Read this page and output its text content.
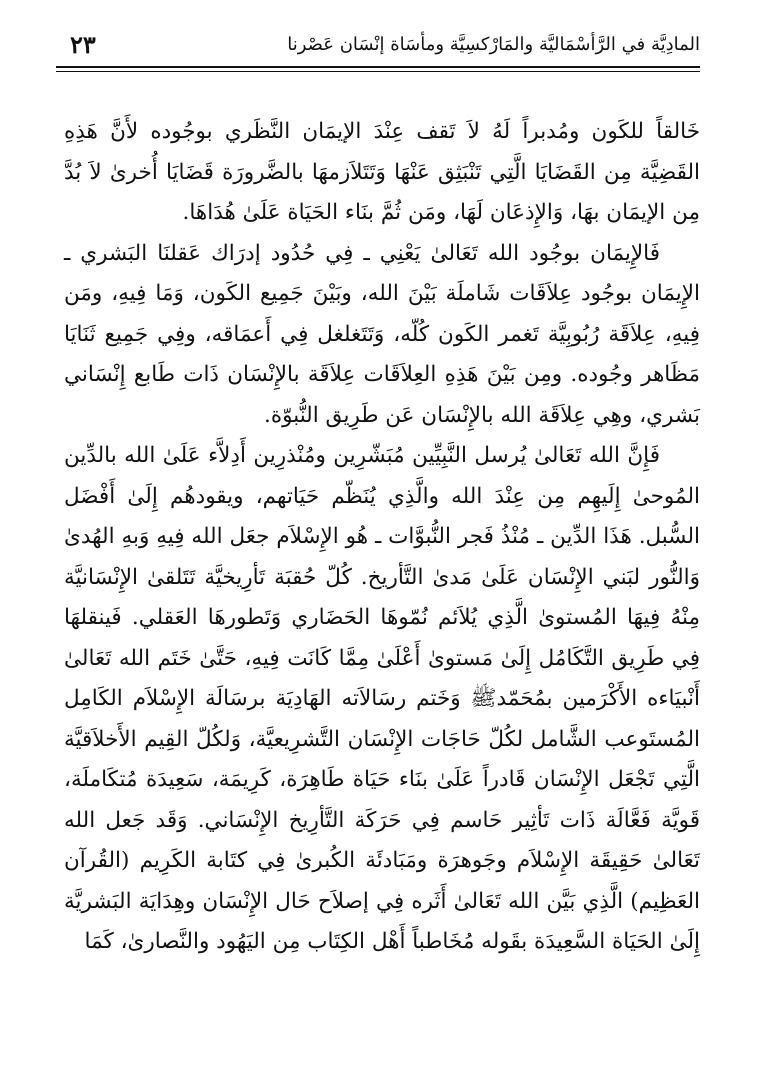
المادِيَّة في الرَّأسْمَاليَّة والمَارْكسِيَّة ومأسَاة إنْسَان عَصْرنا
٢٣

خَالقاً للكَون ومُدبراً لَهُ لاَ تَقف عِنْدَ الإيمَان النَّظَري بوجُوده لأَنَّ هَذِهِ القَضِيَّة مِن القَضَايَا الَّتِي تَنْبَثِق عَنْهَا وَتَتَلاَزمهَا بالضَّرورَة قَضَايَا أُخرىٰ لاَ بُدَّ مِن الإيمَان بهَا، وَالإِذعَان لَهَا، ومَن ثُمَّ بنَاء الحَيَاة عَلَىٰ هُدَاهَا.

فَالإِيمَان بوجُود الله تَعَالىٰ يَعْنِي ـ فِي حُدُود إدرَاك عَقلنَا البَشري ـ الإِيمَان بوجُود عِلاَقَات شَاملَة بَيْنَ الله، وبَيْنَ جَمِيع الكَون، وَمَا فِيهِ، ومَن فِيهِ، عِلاَقَة رُبُوبِيَّة تَغمر الكَون كُلّه، وَتَتَغلغل فِي أَعمَاقه، وفِي جَمِيع ثَنَايَا مَظَاهر وجُوده. ومِن بَيْنَ هَذِهِ العِلاَقَات عِلاَقَة بالإِنْسَان ذَات طَابع إِنْسَاني بَشري، وهِي عِلاَقَة الله بالإِنْسَان عَن طَرِيق النُّبوّة.

فَإِنَّ الله تَعَالىٰ يُرسل النَّبِيِّين مُبَشّرِين ومُنْذرِين أَدِلاَّء عَلَىٰ الله بالدِّين المُوحىٰ إِلَيهِم مِن عِنْدَ الله والَّذِي يُنَظّم حَيَاتهم، ويقودهُم إِلَىٰ أَفْضَل السُّبل. هَذَا الدِّين ـ مُنْذُ فَجر النُّبوَّات ـ هُو الإِسْلاَم جعَل الله فِيهِ وَبهِ الهُدىٰ وَالنُّور لبَني الإِنْسَان عَلَىٰ مَدىٰ التَّأريخ. كُلّ حُقبَة تَأرِيخيَّة تَتَلقىٰ الإِنْسَانيَّة مِنْهُ فِيهَا المُستوىٰ الَّذِي يُلاَئم نُمّوهَا الحَضَاري وَتَطورهَا العَقلي. فَينقلهَا فِي طَرِيق التَّكَامُل إِلَىٰ مَستوىٰ أَعْلَىٰ مِمَّا كَانَت فِيهِ، حَتَّىٰ خَتَم الله تَعَالىٰ أَنْبيَاءه الأَكْرَمين بمُحَمّدﷺ وَخَتم رسَالاَته الهَادِيَة برسَالَة الإِسْلاَم الكَامِل المُستَوعب الشَّامل لكُلّ حَاجَات الإِنْسَان التَّشرِيعيَّة، وَلكُلّ القِيم الأَخلاَقيَّة الَّتِي تَجْعَل الإِنْسَان قَادراً عَلَىٰ بنَاء حَيَاة طَاهِرَة، كَرِيمَة، سَعِيدَة مُتكَاملَة، قَويَّة فَعَّالَة ذَات تَأثِير حَاسم فِي حَرَكَة التَّأرِيخ الإِنْسَاني. وَقَد جَعل الله تَعَالىٰ حَقِيقَة الإِسْلاَم وجَوهرَة ومَبَادئَة الكُبرىٰ فِي كتَابة الكَرِيم (القُرآن العَظِيم) الَّذِي بَيَّن الله تَعَالىٰ أَثَره فِي إصلاَح حَال الإِنْسَان وهِدَايَة البَشريَّة إِلَىٰ الحَيَاة السَّعِيدَة بقَوله مُخَاطباً أَهْل الكِتَاب مِن اليَهُود والنَّصارىٰ، كَمَا
